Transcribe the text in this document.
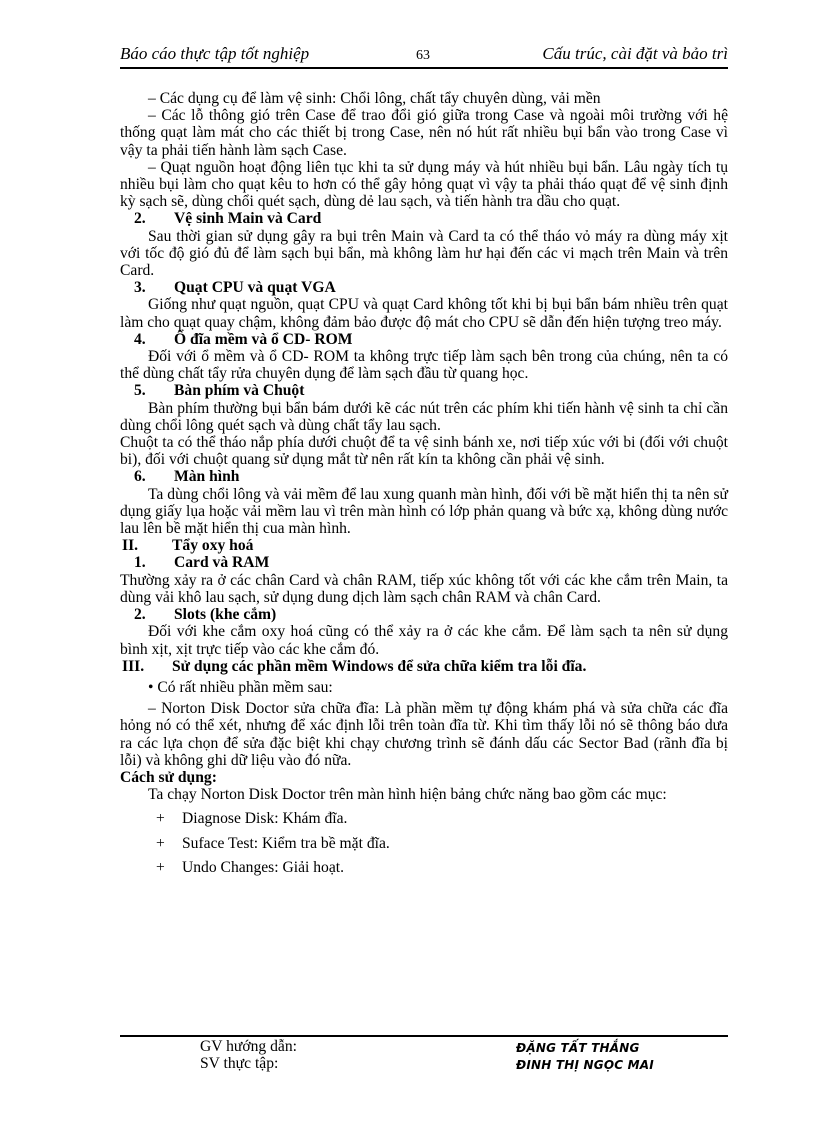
Báo cáo thực tập tốt nghiệp	63	Cấu trúc, cài đặt và bảo trì

– Các dụng cụ để làm vệ sinh: Chổi lông, chất tẩy chuyên dùng, vải mền

– Các lỗ thông gió trên Case để trao đổi gió giữa trong Case và ngoài môi trường với hệ thống quạt làm mát cho các thiết bị trong Case, nên nó hút rất nhiều bụi bẩn vào trong Case vì vậy ta phải tiến hành làm sạch Case.

– Quạt nguồn hoạt động liên tục khi ta sử dụng máy và hút nhiều bụi bẩn. Lâu ngày tích tụ nhiều bụi làm cho quạt kêu to hơn có thể gây hỏng quạt vì vậy ta phải tháo quạt để vệ sinh định kỳ sạch sẽ, dùng chổi quét sạch, dùng dẻ lau sạch, và tiến hành tra dầu cho quạt.

2. Vệ sinh Main và Card

Sau thời gian sử dụng gây ra bụi trên Main và Card ta có thể tháo vỏ máy ra dùng máy xịt với tốc độ gió đủ để làm sạch bụi bẩn, mà không làm hư hại đến các vi mạch trên Main và trên Card.

3. Quạt CPU và quạt VGA

Giống như quạt nguồn, quạt CPU và quạt Card không tốt khi bị bụi bẩn bám nhiều trên quạt làm cho quạt quay chậm, không đảm bảo được độ mát cho CPU sẽ dẫn đến hiện tượng treo máy.

4. Ổ đĩa mềm và ổ CD- ROM

Đối với ổ mềm và ổ CD- ROM ta không trực tiếp làm sạch bên trong của chúng, nên ta có thể dùng chất tẩy rửa chuyên dụng để làm sạch đầu từ quang học.

5. Bàn phím và Chuột

Bàn phím thường bụi bẩn bám dưới kẽ các nút trên các phím khi tiến hành vệ sinh ta chỉ cần dùng chổi lông quét sạch và dùng chất tẩy lau sạch.

Chuột ta có thể tháo nắp phía dưới chuột để ta vệ sinh bánh xe, nơi tiếp xúc với bi (đối với chuột bi), đối với chuột quang sử dụng mắt từ nên rất kín ta không cần phải vệ sinh.

6. Màn hình

Ta dùng chổi lông và vải mềm để lau xung quanh màn hình, đối với bề mặt hiển thị ta nên sử dụng giấy lụa hoặc vải mềm lau vì trên màn hình có lớp phản quang và bức xạ, không dùng nước lau lên bề mặt hiển thị cua màn hình.

II. Tẩy oxy hoá

1. Card và RAM

Thường xảy ra ở các chân Card và chân RAM, tiếp xúc không tốt với các khe cắm trên Main, ta dùng vải khô lau sạch, sử dụng dung dịch làm sạch chân RAM và chân Card.

2. Slots (khe cắm)

Đối với khe cắm oxy hoá cũng có thể xảy ra ở các khe cắm. Để làm sạch ta nên sử dụng bình xịt, xịt trực tiếp vào các khe cắm đó.

III. Sử dụng các phần mềm Windows để sửa chữa kiểm tra lỗi đĩa.

• Có rất nhiều phần mềm sau:

– Norton Disk Doctor sửa chữa đĩa: Là phần mềm tự động khám phá và sửa chữa các đĩa hỏng nó có thể xét, nhưng để xác định lỗi trên toàn đĩa từ. Khi tìm thấy lỗi nó sẽ thông báo dưa ra các lựa chọn để sửa đặc biệt khi chạy chương trình sẽ đánh dấu các Sector Bad (rãnh đĩa bị lỗi) và không ghi dữ liệu vào đó nữa.

Cách sử dụng:

Ta chạy Norton Disk Doctor trên màn hình hiện bảng chức năng bao gồm các mục:

+ Diagnose Disk: Khám đĩa.

+ Suface Test: Kiểm tra bề mặt đĩa.

+ Undo Changes: Giải hoạt.

GV hướng dẫn:
SV thực tập:
ĐẶNG TẤT THẮNG
ĐINH THỊ NGỌC MAI
